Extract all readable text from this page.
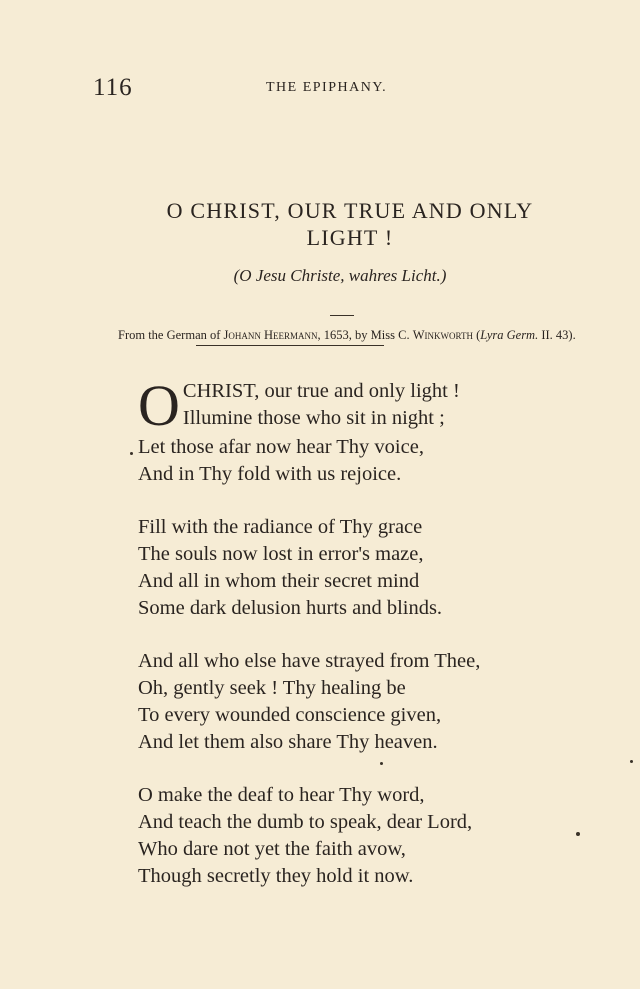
116	THE EPIPHANY.
O CHRIST, OUR TRUE AND ONLY
LIGHT !
(O Jesu Christe, wahres Licht.)
From the German of Johann Heermann, 1653, by Miss C. Winkworth (Lyra Germ. II. 43).
O CHRIST, our true and only light !
Illumine those who sit in night ;
Let those afar now hear Thy voice,
And in Thy fold with us rejoice.
Fill with the radiance of Thy grace
The souls now lost in error's maze,
And all in whom their secret mind
Some dark delusion hurts and blinds.
And all who else have strayed from Thee,
Oh, gently seek ! Thy healing be
To every wounded conscience given,
And let them also share Thy heaven.
O make the deaf to hear Thy word,
And teach the dumb to speak, dear Lord,
Who dare not yet the faith avow,
Though secretly they hold it now.
